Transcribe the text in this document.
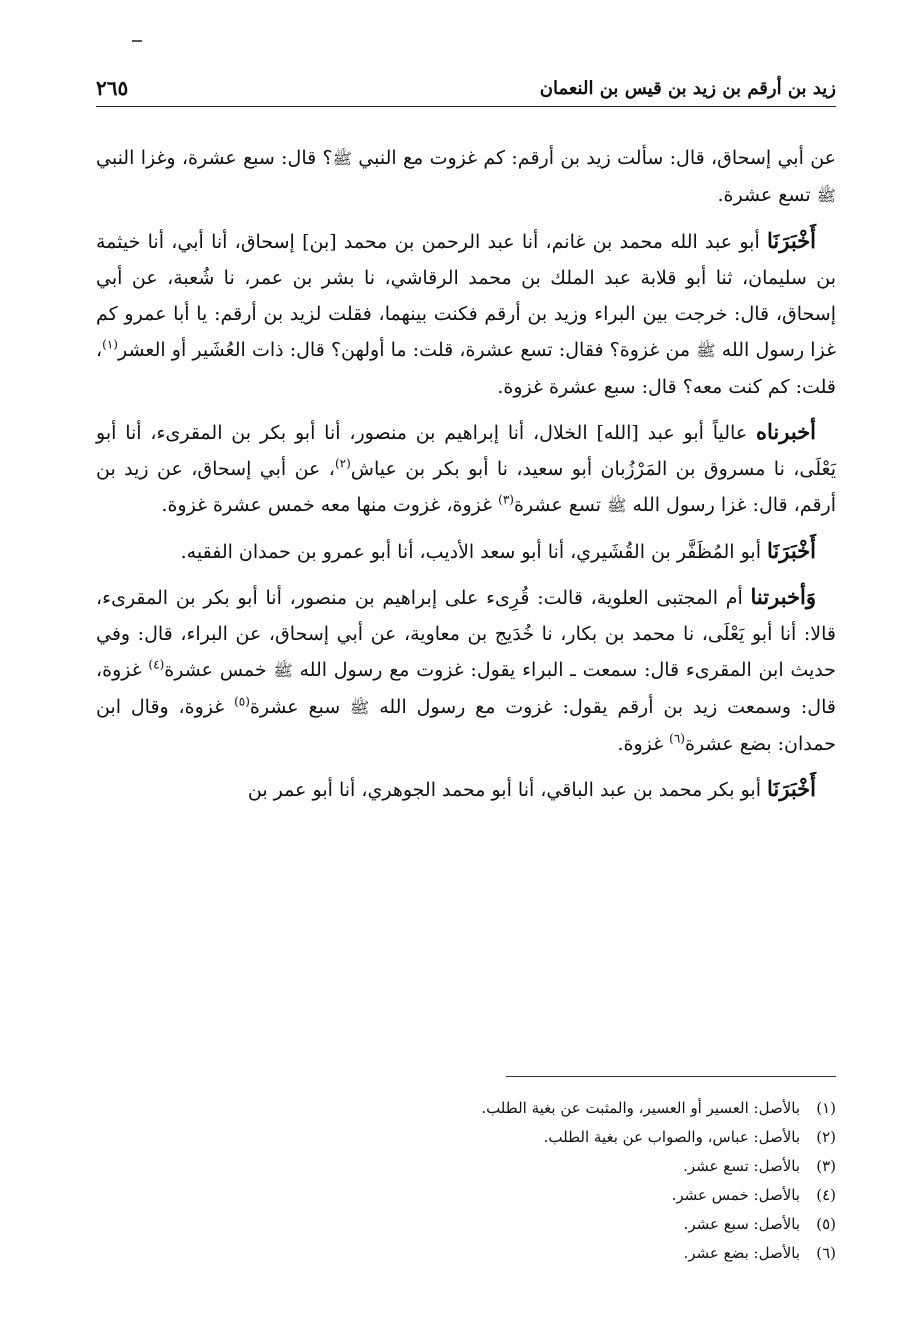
زيد بن أرقم بن زيد بن قيس بن النعمان
٢٦٥

عن أبي إسحاق، قال: سألت زيد بن أرقم: كم غزوت مع النبي ﷺ؟ قال: سبع عشرة، وغزا النبي ﷺ تسع عشرة.

أَخْبَرَنَا أبو عبد الله محمد بن غانم، أنا عبد الرحمن بن محمد [بن] إسحاق، أنا أبي، أنا خيثمة بن سليمان، ثنا أبو قلابة عبد الملك بن محمد الرقاشي، نا بشر بن عمر، نا شُعبة، عن أبي إسحاق، قال: خرجت بين البراء وزيد بن أرقم فكنت بينهما، فقلت لزيد بن أرقم: يا أبا عمرو كم غزا رسول الله ﷺ من غزوة؟ فقال: تسع عشرة، قلت: ما أولهن؟ قال: ذات العُشَير أو العشر$^{(١)}$، قلت: كم كنت معه؟ قال: سبع عشرة غزوة.

أخبرناه عالياً أبو عبد [الله] الخلال، أنا إبراهيم بن منصور، أنا أبو بكر بن المقرىء، أنا أبو يَعْلَى، نا مسروق بن المَرْزُبان أبو سعيد، نا أبو بكر بن عياش$^{(٢)}$، عن أبي إسحاق، عن زيد بن أرقم، قال: غزا رسول الله ﷺ تسع عشرة$^{(٣)}$ غزوة، غزوت منها معه خمس عشرة غزوة.

أَخْبَرَنَا أبو المُظَفَّر بن القُشَيري، أنا أبو سعد الأديب، أنا أبو عمرو بن حمدان الفقيه.

وَأخبرتنا أم المجتبى العلوية، قالت: قُرِىء على إبراهيم بن منصور، أنا أبو بكر بن المقرىء، قالا: أنا أبو يَعْلَى، نا محمد بن بكار، نا خُدَيج بن معاوية، عن أبي إسحاق، عن البراء، قال: وفي حديث ابن المقرىء قال: سمعت ـ البراء يقول: غزوت مع رسول الله ﷺ خمس عشرة$^{(٤)}$ غزوة، قال: وسمعت زيد بن أرقم يقول: غزوت مع رسول الله ﷺ سبع عشرة$^{(٥)}$ غزوة، وقال ابن حمدان: بضع عشرة$^{(٦)}$ غزوة.

أَخْبَرَنَا أبو بكر محمد بن عبد الباقي، أنا أبو محمد الجوهري، أنا أبو عمر بن

(١)بالأصل: العسير أو العسير، والمثبت عن بغية الطلب.
(٢)بالأصل: عباس، والصواب عن بغية الطلب.
(٣)بالأصل: تسع عشر.
(٤)بالأصل: خمس عشر.
(٥)بالأصل: سبع عشر.
(٦)بالأصل: بضع عشر.
